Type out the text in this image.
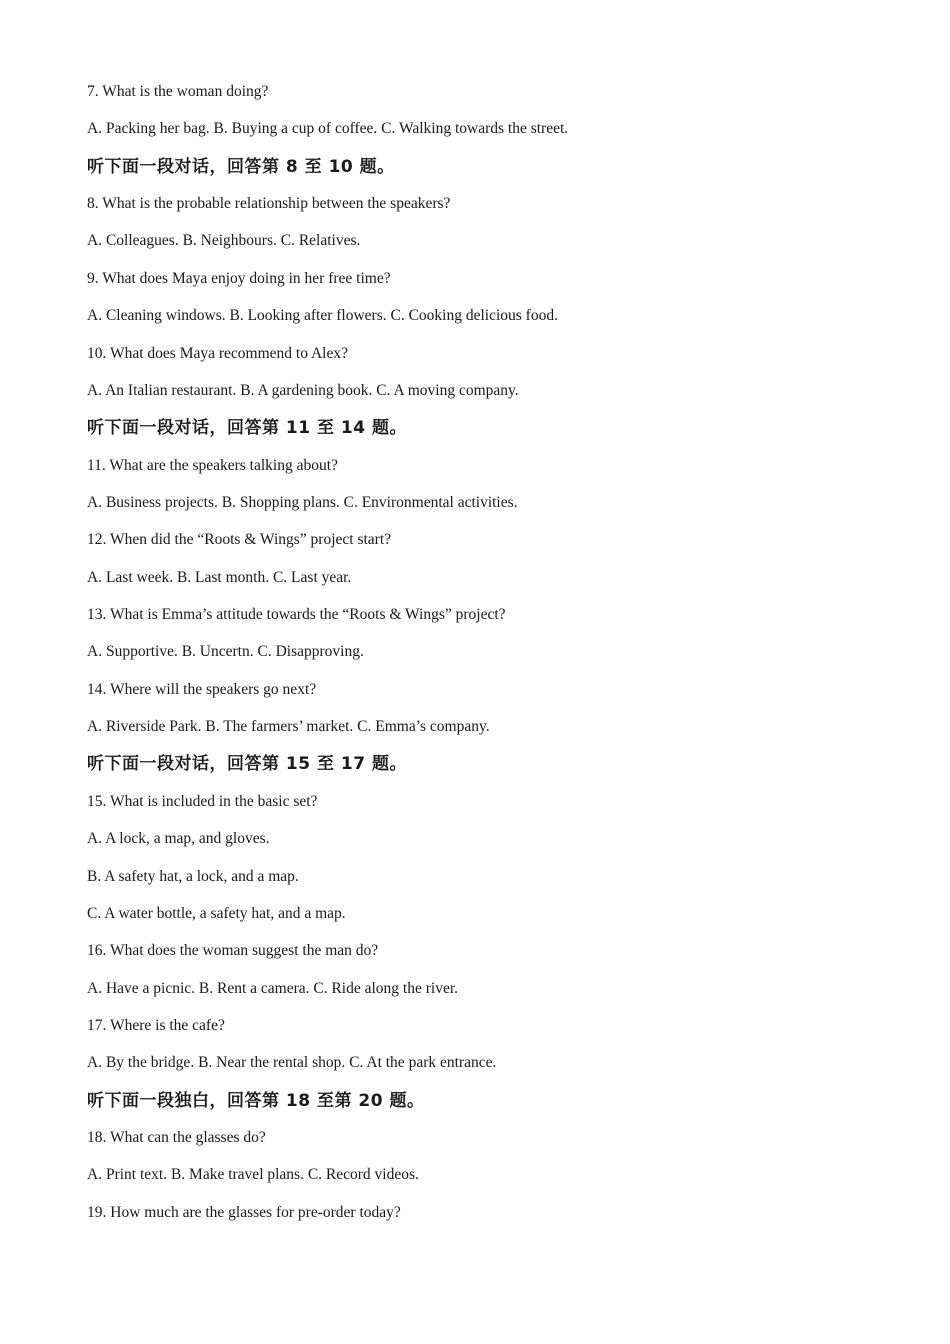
7. What is the woman doing?
A. Packing her bag. B. Buying a cup of coffee. C. Walking towards the street.
听下面一段对话，回答第 8 至 10 题。
8. What is the probable relationship between the speakers?
A. Colleagues. B. Neighbours. C. Relatives.
9. What does Maya enjoy doing in her free time?
A. Cleaning windows. B. Looking after flowers. C. Cooking delicious food.
10. What does Maya recommend to Alex?
A. An Italian restaurant. B. A gardening book. C. A moving company.
听下面一段对话，回答第 11 至 14 题。
11. What are the speakers talking about?
A. Business projects. B. Shopping plans. C. Environmental activities.
12. When did the “Roots & Wings” project start?
A. Last week. B. Last month. C. Last year.
13. What is Emma’s attitude towards the “Roots & Wings” project?
A. Supportive. B. Uncertn. C. Disapproving.
14. Where will the speakers go next?
A. Riverside Park. B. The farmers’ market. C. Emma’s company.
听下面一段对话，回答第 15 至 17 题。
15. What is included in the basic set?
A. A lock, a map, and gloves.
B. A safety hat, a lock, and a map.
C. A water bottle, a safety hat, and a map.
16. What does the woman suggest the man do?
A. Have a picnic. B. Rent a camera. C. Ride along the river.
17. Where is the cafe?
A. By the bridge. B. Near the rental shop. C. At the park entrance.
听下面一段独白，回答第 18 至第 20 题。
18. What can the glasses do?
A. Print text. B. Make travel plans. C. Record videos.
19. How much are the glasses for pre-order today?
